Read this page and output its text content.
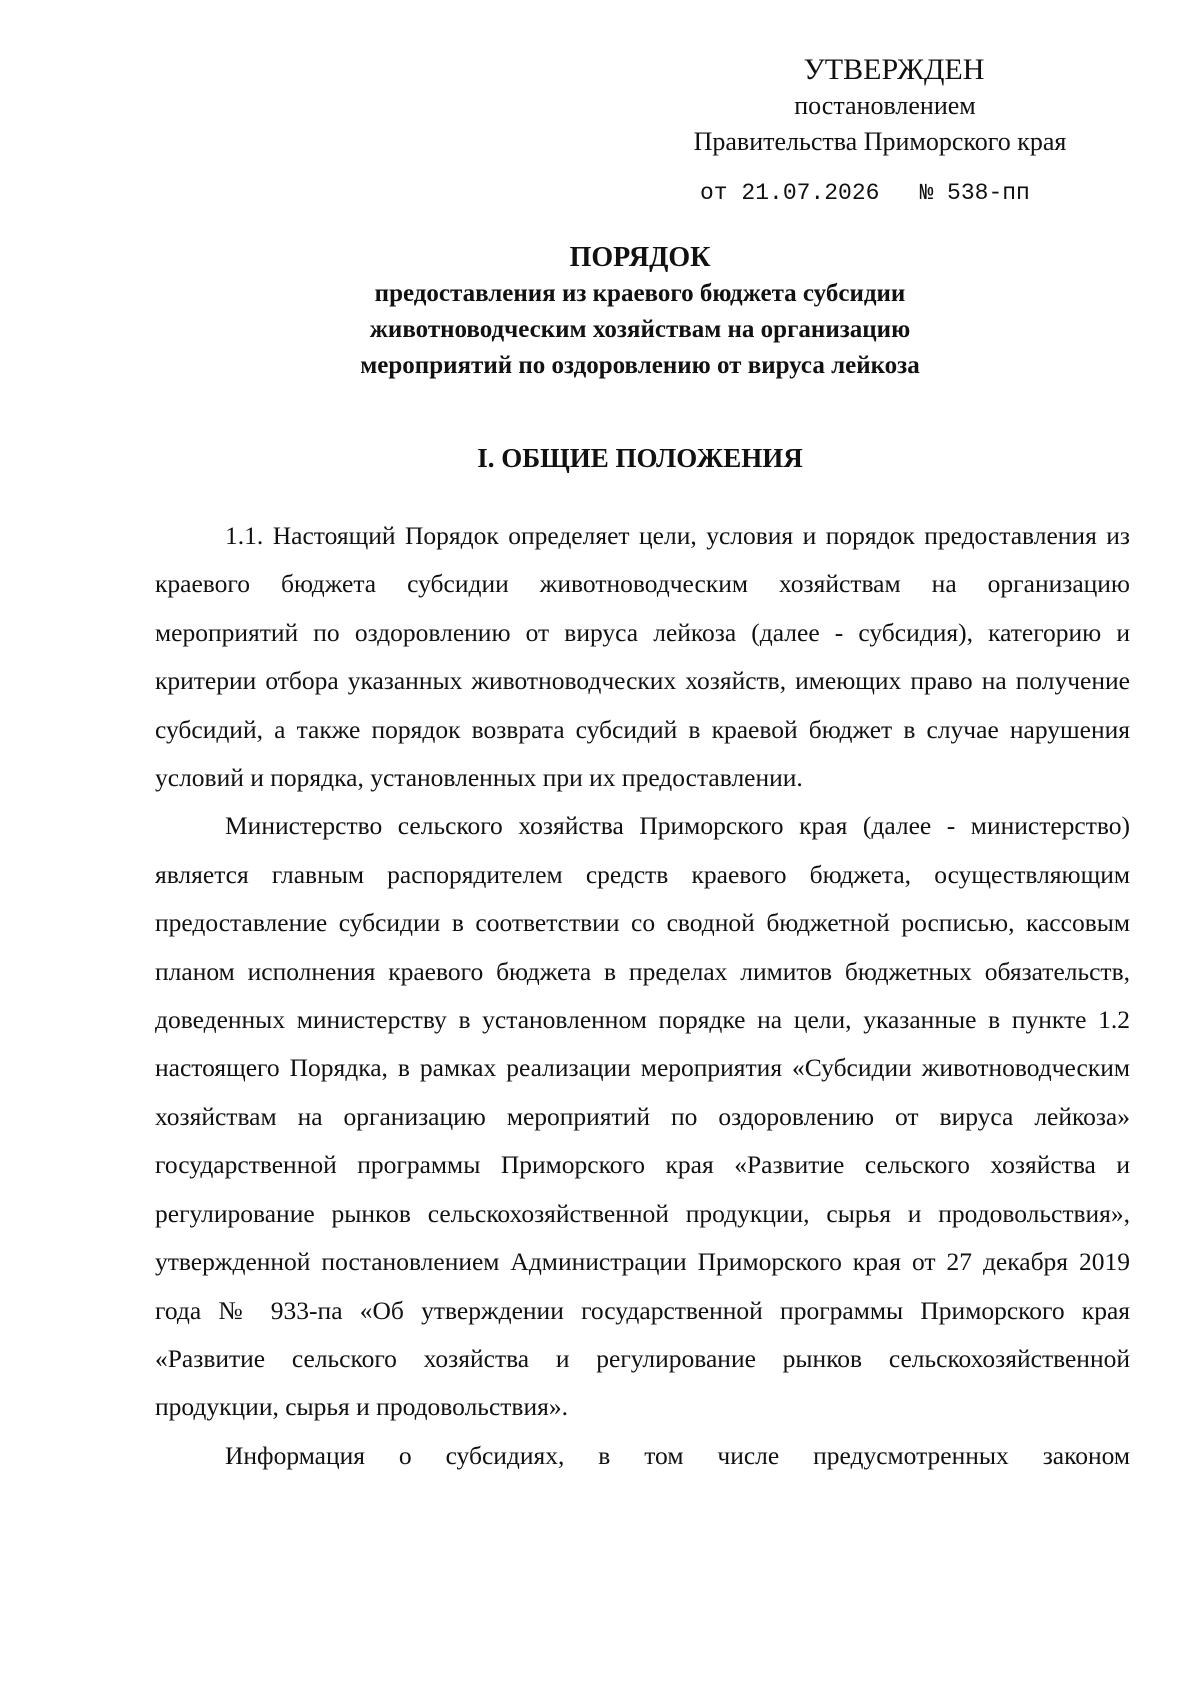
УТВЕРЖДЕН
постановлением
Правительства Приморского края
от 21.07.2026 № 538-пп
ПОРЯДОК
предоставления из краевого бюджета субсидии
животноводческим хозяйствам на организацию
мероприятий по оздоровлению от вируса лейкоза
I. ОБЩИЕ ПОЛОЖЕНИЯ

1.1. Настоящий Порядок определяет цели, условия и порядок предоставления из краевого бюджета субсидии животноводческим хозяйствам на организацию мероприятий по оздоровлению от вируса лейкоза (далее - субсидия), категорию и критерии отбора указанных животноводческих хозяйств, имеющих право на получение субсидий, а также порядок возврата субсидий в краевой бюджет в случае нарушения условий и порядка, установленных при их предоставлении.

Министерство сельского хозяйства Приморского края (далее - министерство) является главным распорядителем средств краевого бюджета, осуществляющим предоставление субсидии в соответствии со сводной бюджетной росписью, кассовым планом исполнения краевого бюджета в пределах лимитов бюджетных обязательств, доведенных министерству в установленном порядке на цели, указанные в пункте 1.2 настоящего Порядка, в рамках реализации мероприятия «Субсидии животноводческим хозяйствам на организацию мероприятий по оздоровлению от вируса лейкоза» государственной программы Приморского края «Развитие сельского хозяйства и регулирование рынков сельскохозяйственной продукции, сырья и продовольствия», утвержденной постановлением Администрации Приморского края от 27 декабря 2019 года № 933-па «Об утверждении государственной программы Приморского края «Развитие сельского хозяйства и регулирование рынков сельскохозяйственной продукции, сырья и продовольствия».

Информация о субсидиях, в том числе предусмотренных законом
